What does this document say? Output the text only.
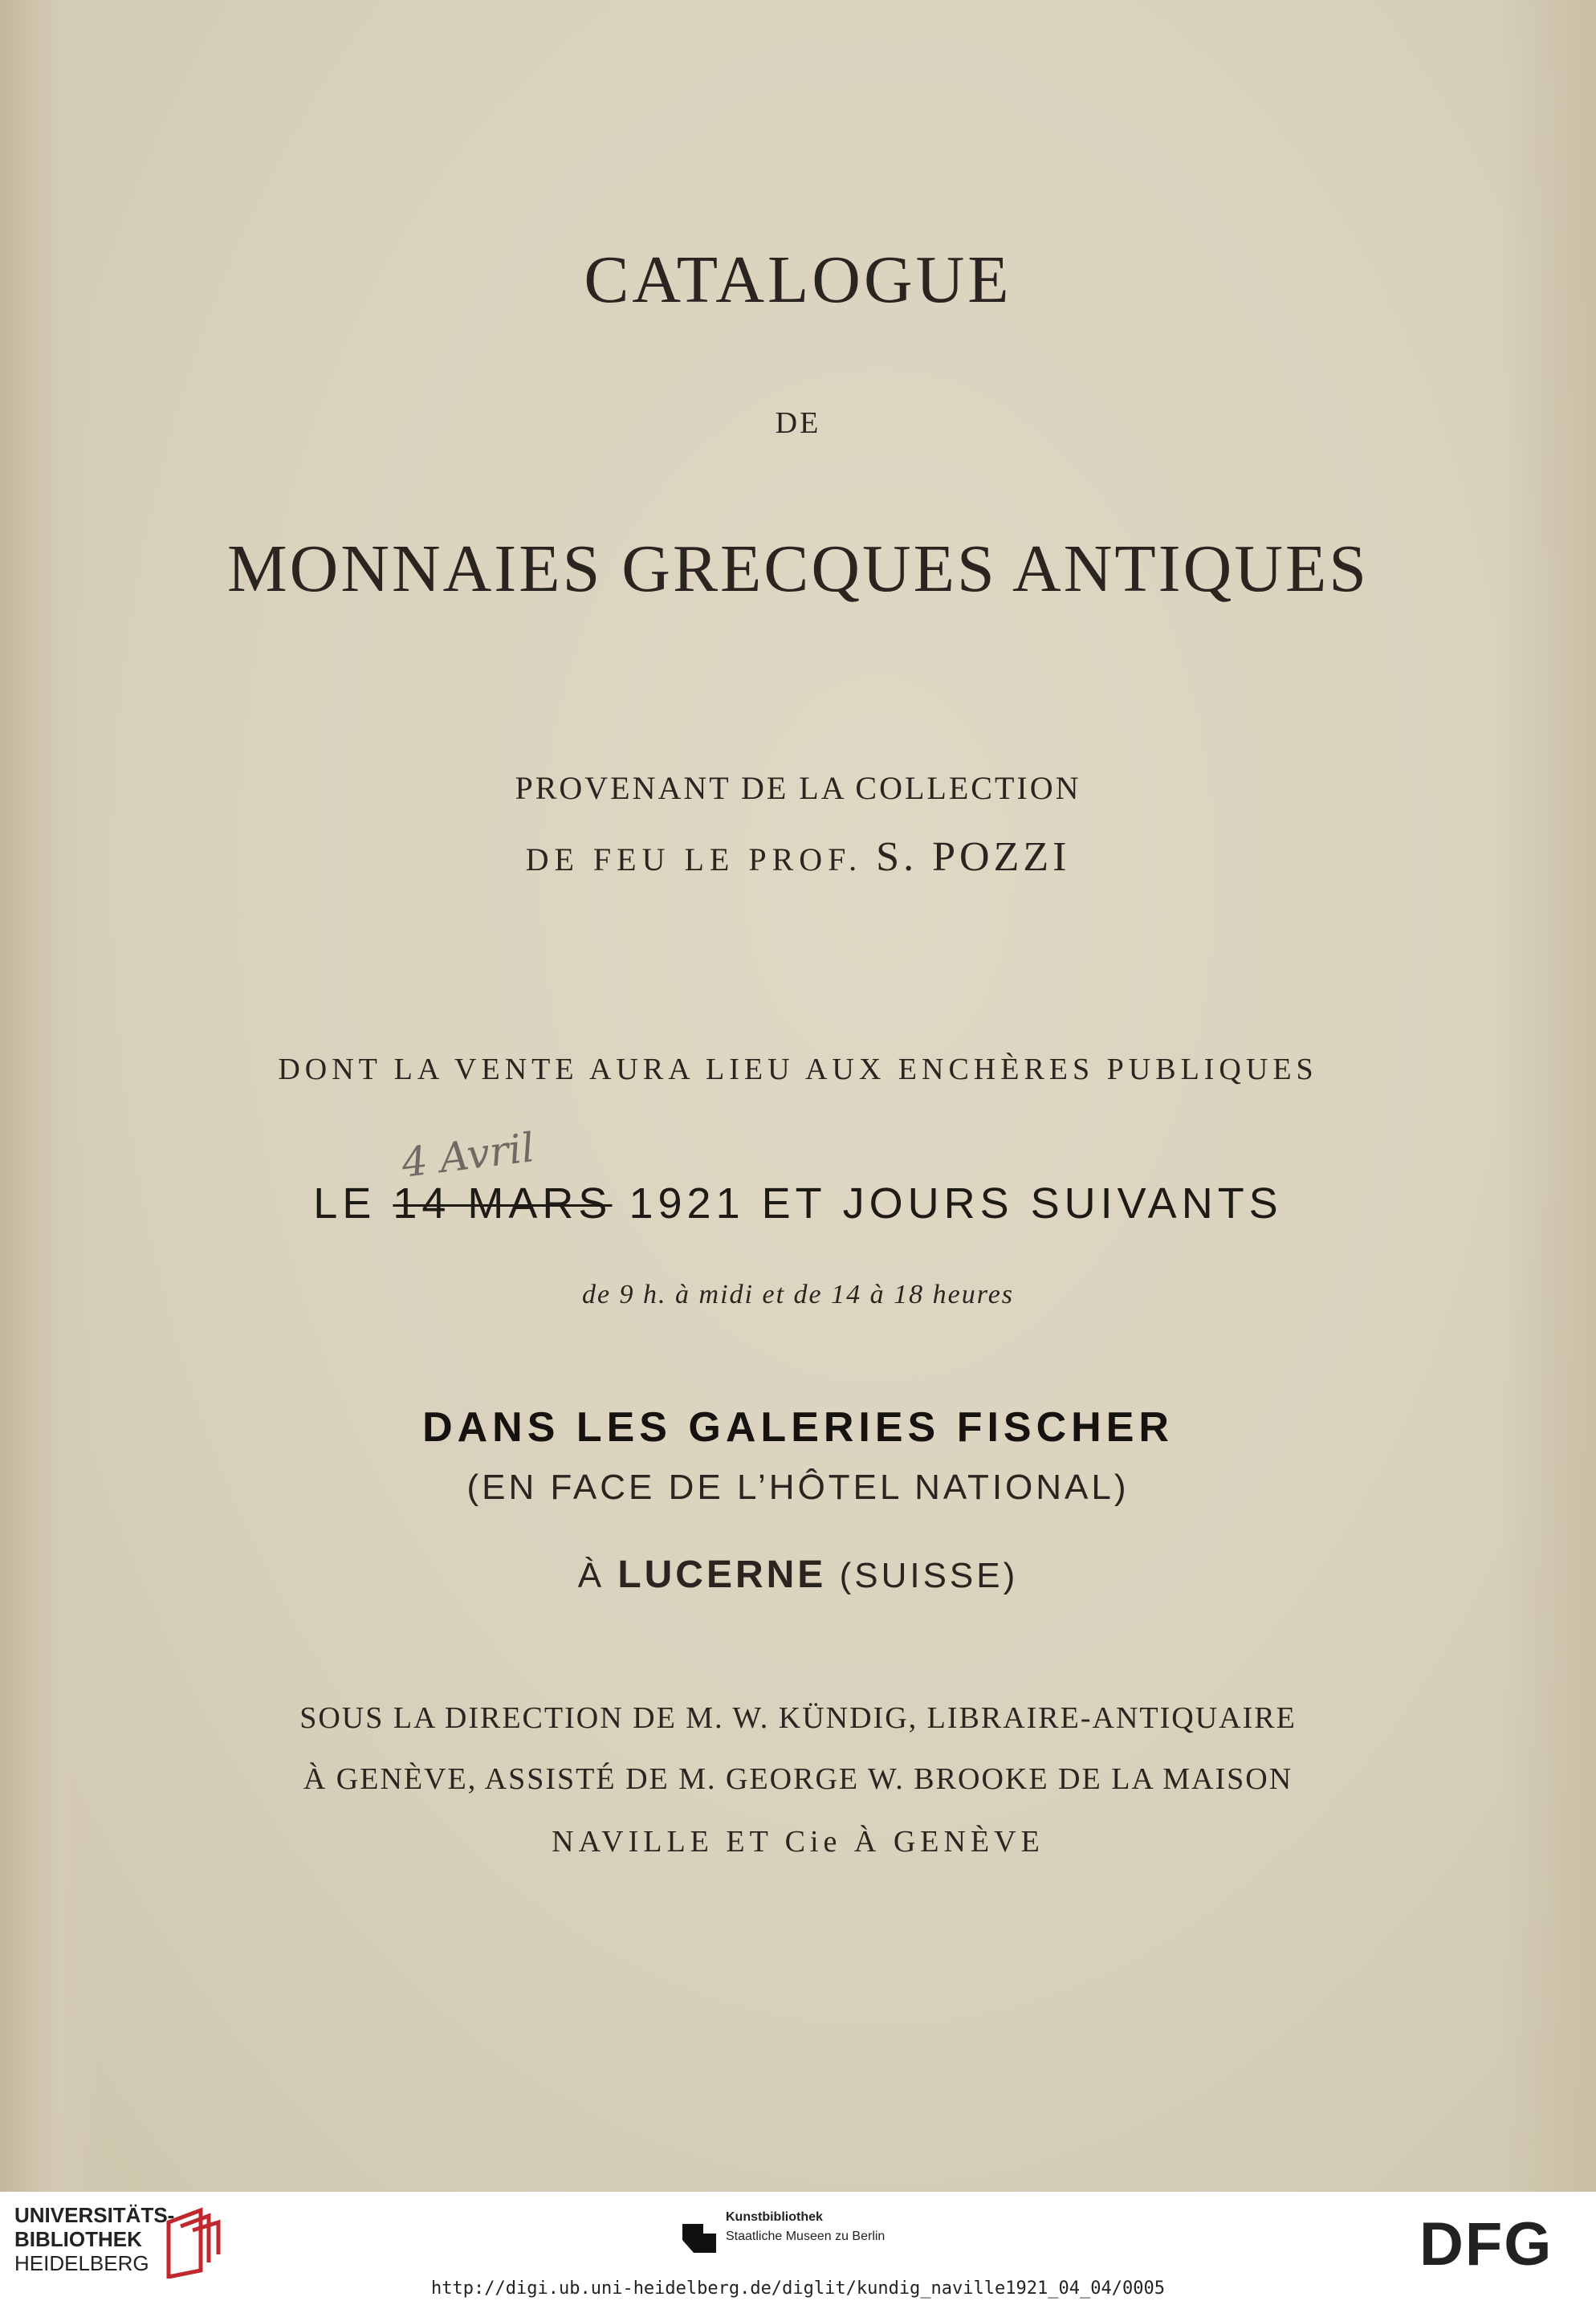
CATALOGUE
DE
MONNAIES GRECQUES ANTIQUES
PROVENANT DE LA COLLECTION
DE FEU LE PROF. S. POZZI
DONT LA VENTE AURA LIEU AUX ENCHÈRES PUBLIQUES
4 Avril
LE 14 MARS 1921 ET JOURS SUIVANTS
de 9 h. à midi et de 14 à 18 heures
DANS LES GALERIES FISCHER
(EN FACE DE L’HÔTEL NATIONAL)
À LUCERNE (SUISSE)
SOUS LA DIRECTION DE M. W. KÜNDIG, LIBRAIRE-ANTIQUAIRE
À GENÈVE, ASSISTÉ DE M. GEORGE W. BROOKE DE LA MAISON
NAVILLE ET Cie À GENÈVE
UNIVERSITÄTS-
BIBLIOTHEK
HEIDELBERG
Kunstbibliothek
Staatliche Museen zu Berlin	DFG
http://digi.ub.uni-heidelberg.de/diglit/kundig_naville1921_04_04/0005
